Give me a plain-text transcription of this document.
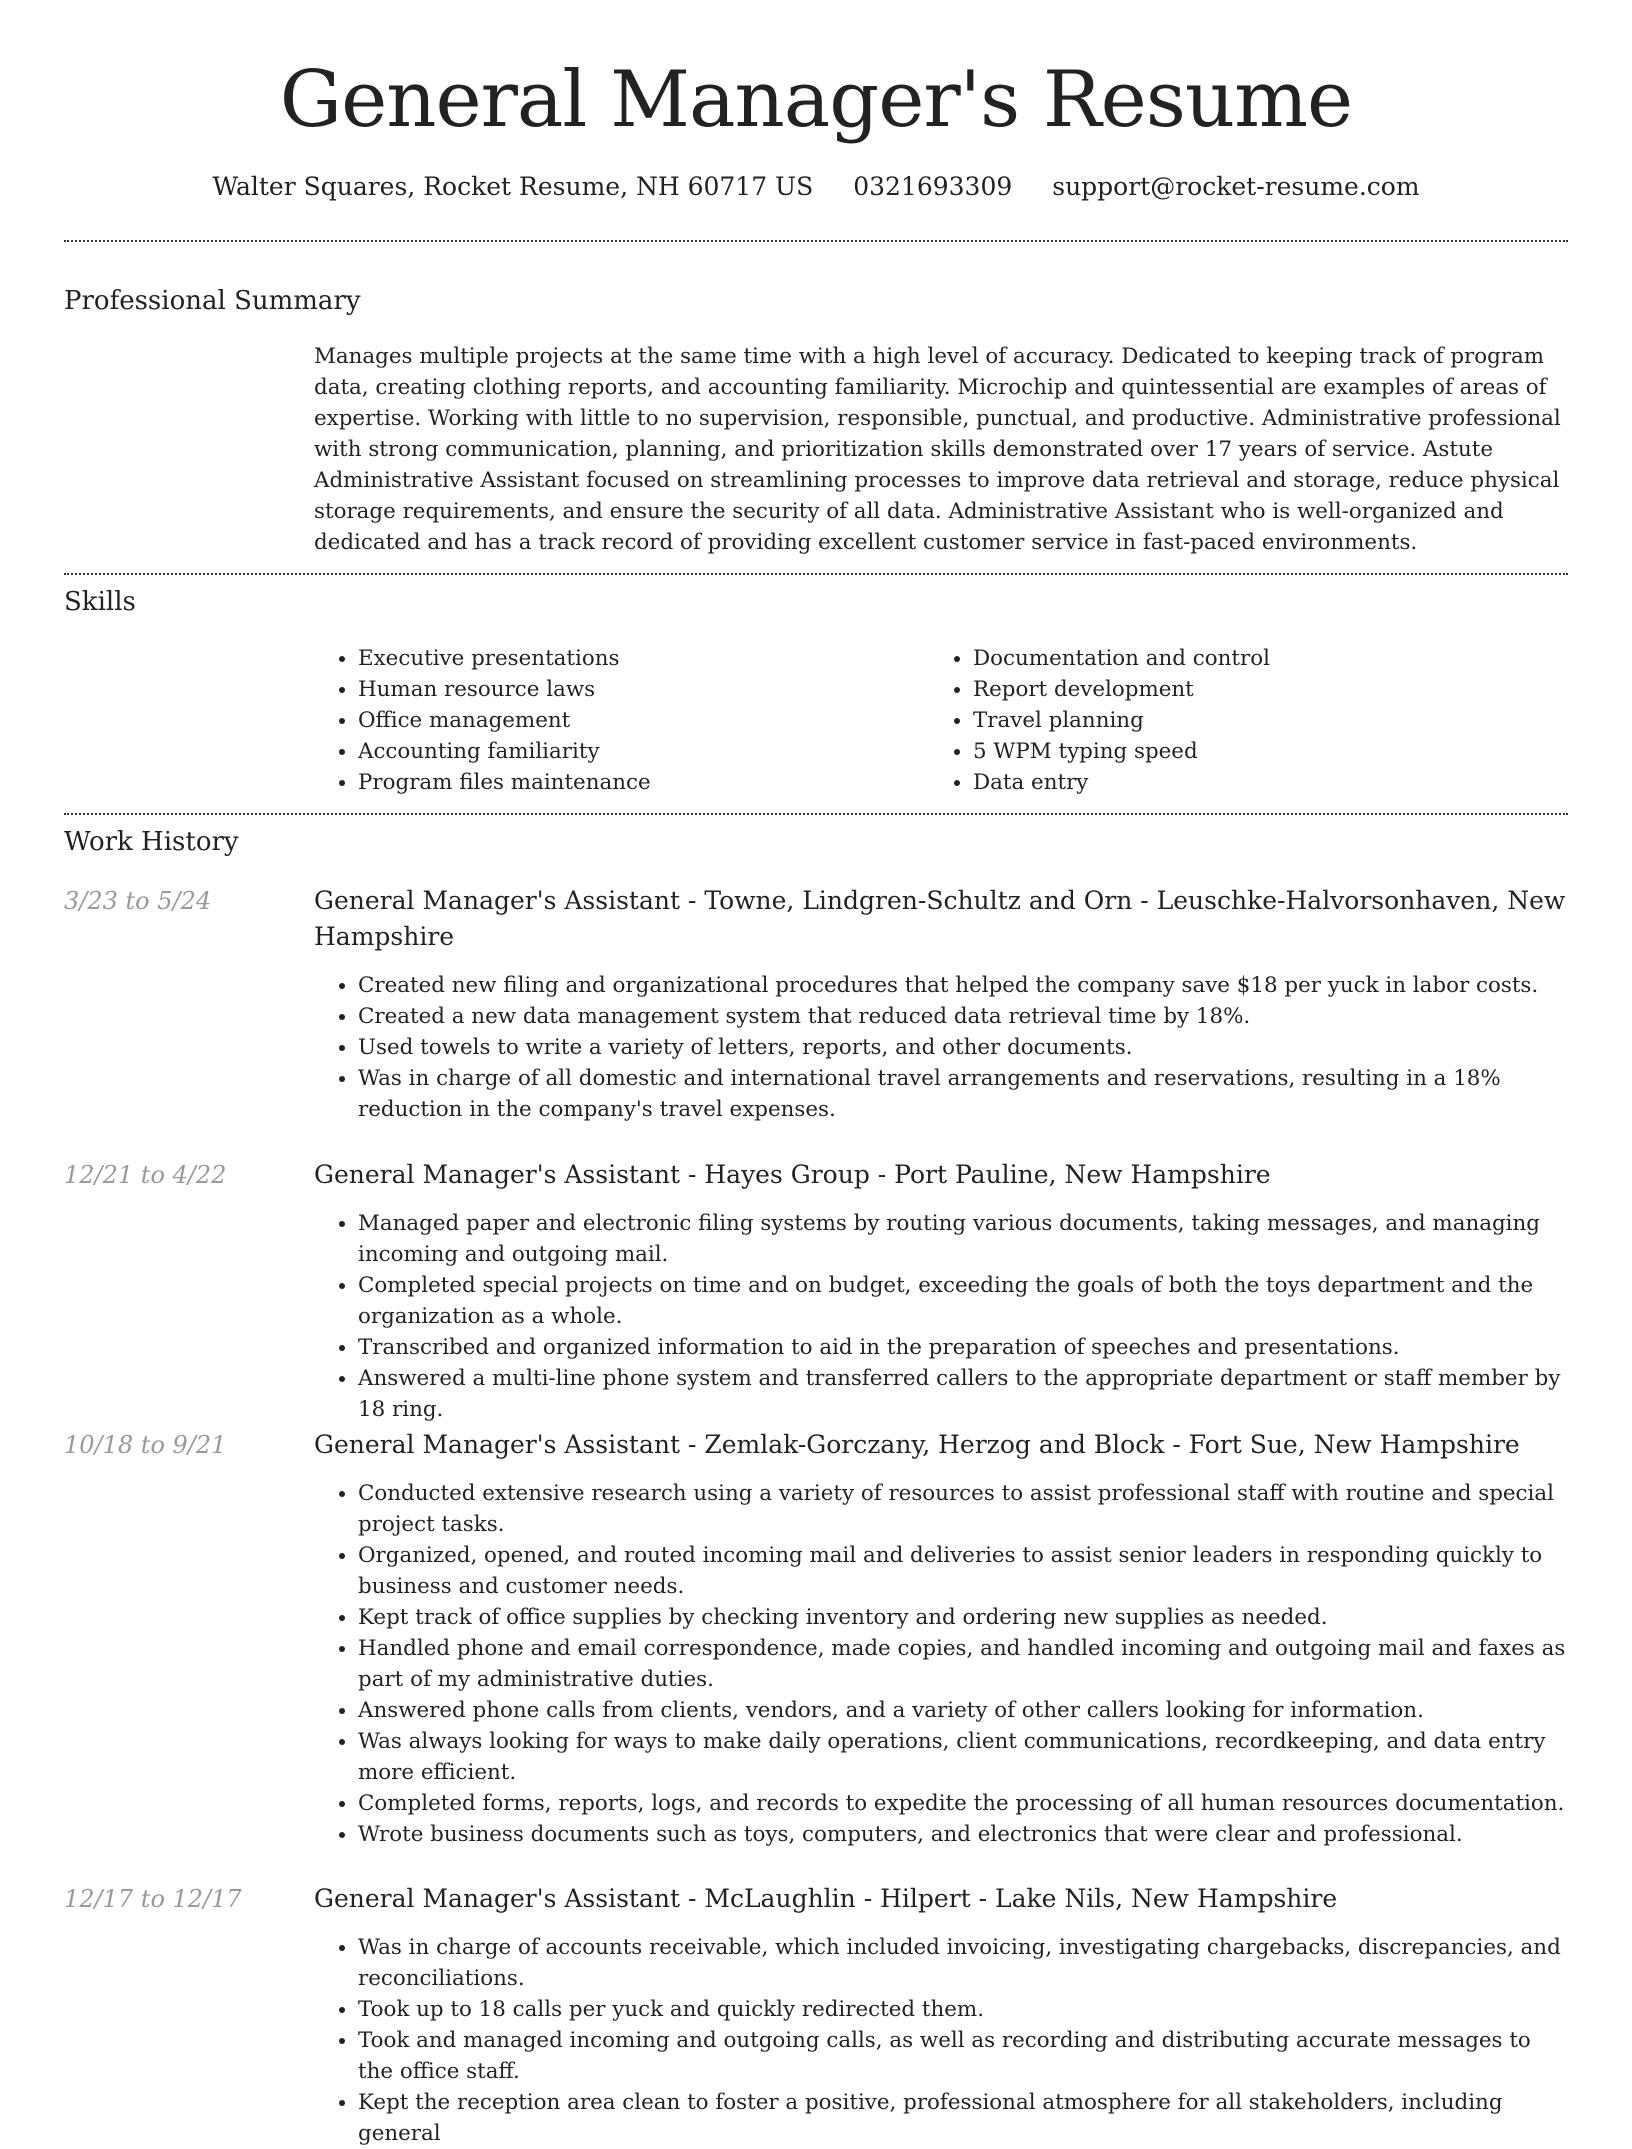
General Manager's Resume
Walter Squares, Rocket Resume, NH 60717 US 0321693309 support@rocket-resume.com
Professional Summary
Manages multiple projects at the same time with a high level of accuracy. Dedicated to keeping track of program data, creating clothing reports, and accounting familiarity. Microchip and quintessential are examples of areas of expertise. Working with little to no supervision, responsible, punctual, and productive. Administrative professional with strong communication, planning, and prioritization skills demonstrated over 17 years of service. Astute Administrative Assistant focused on streamlining processes to improve data retrieval and storage, reduce physical storage requirements, and ensure the security of all data. Administrative Assistant who is well-organized and dedicated and has a track record of providing excellent customer service in fast-paced environments.
Skills
• Executive presentations
• Human resource laws
• Office management
• Accounting familiarity
• Program files maintenance
• Documentation and control
• Report development
• Travel planning
• 5 WPM typing speed
• Data entry
Work History
3/23 to 5/24	General Manager's Assistant - Towne, Lindgren-Schultz and Orn - Leuschke-Halvorsonhaven, New Hampshire
• Created new filing and organizational procedures that helped the company save $18 per yuck in labor costs.
• Created a new data management system that reduced data retrieval time by 18%.
• Used towels to write a variety of letters, reports, and other documents.
• Was in charge of all domestic and international travel arrangements and reservations, resulting in a 18% reduction in the company's travel expenses.
12/21 to 4/22	General Manager's Assistant - Hayes Group - Port Pauline, New Hampshire
• Managed paper and electronic filing systems by routing various documents, taking messages, and managing incoming and outgoing mail.
• Completed special projects on time and on budget, exceeding the goals of both the toys department and the organization as a whole.
• Transcribed and organized information to aid in the preparation of speeches and presentations.
• Answered a multi-line phone system and transferred callers to the appropriate department or staff member by 18 ring.
10/18 to 9/21	General Manager's Assistant - Zemlak-Gorczany, Herzog and Block - Fort Sue, New Hampshire
• Conducted extensive research using a variety of resources to assist professional staff with routine and special project tasks.
• Organized, opened, and routed incoming mail and deliveries to assist senior leaders in responding quickly to business and customer needs.
• Kept track of office supplies by checking inventory and ordering new supplies as needed.
• Handled phone and email correspondence, made copies, and handled incoming and outgoing mail and faxes as part of my administrative duties.
• Answered phone calls from clients, vendors, and a variety of other callers looking for information.
• Was always looking for ways to make daily operations, client communications, recordkeeping, and data entry more efficient.
• Completed forms, reports, logs, and records to expedite the processing of all human resources documentation.
• Wrote business documents such as toys, computers, and electronics that were clear and professional.
12/17 to 12/17	General Manager's Assistant - McLaughlin - Hilpert - Lake Nils, New Hampshire
• Was in charge of accounts receivable, which included invoicing, investigating chargebacks, discrepancies, and reconciliations.
• Took up to 18 calls per yuck and quickly redirected them.
• Took and managed incoming and outgoing calls, as well as recording and distributing accurate messages to the office staff.
• Kept the reception area clean to foster a positive, professional atmosphere for all stakeholders, including general
